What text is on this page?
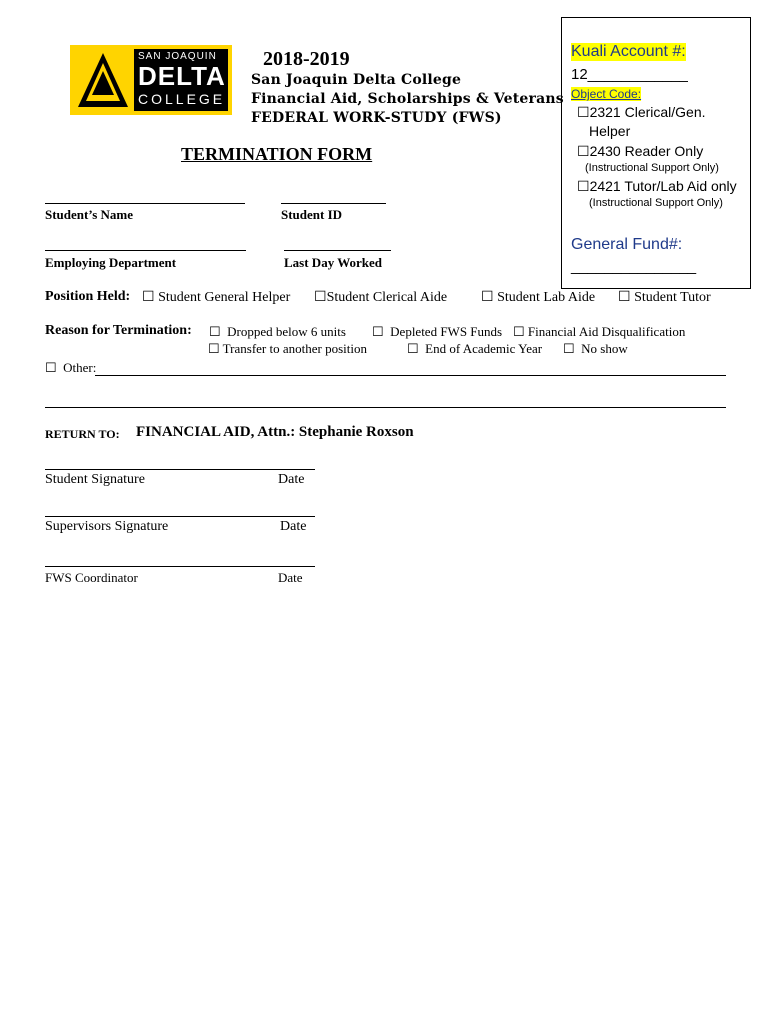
SAN JOAQUIN
DELTA
COLLEGE
2018-2019
San Joaquin Delta College
Financial Aid, Scholarships & Veterans
FEDERAL WORK-STUDY (FWS)
TERMINATION FORM
Kuali Account #:
12____________
Object Code:
☐2321 Clerical/Gen.
Helper
☐2430 Reader Only
(Instructional Support Only)
☐2421 Tutor/Lab Aid only
(Instructional Support Only)
General Fund#:
_______________
Student’s Name	Student ID
Employing Department	Last Day Worked
Position Held: ☐ Student General Helper ☐Student Clerical Aide ☐ Student Lab Aide ☐ Student Tutor
Reason for Termination: ☐ Dropped below 6 units ☐ Depleted FWS Funds ☐ Financial Aid Disqualification
☐ Transfer to another position	☐ End of Academic Year ☐ No show
☐ Other:
RETURN TO: FINANCIAL AID, Attn.: Stephanie Roxson
Student Signature	Date
Supervisors Signature	Date
FWS Coordinator	Date
